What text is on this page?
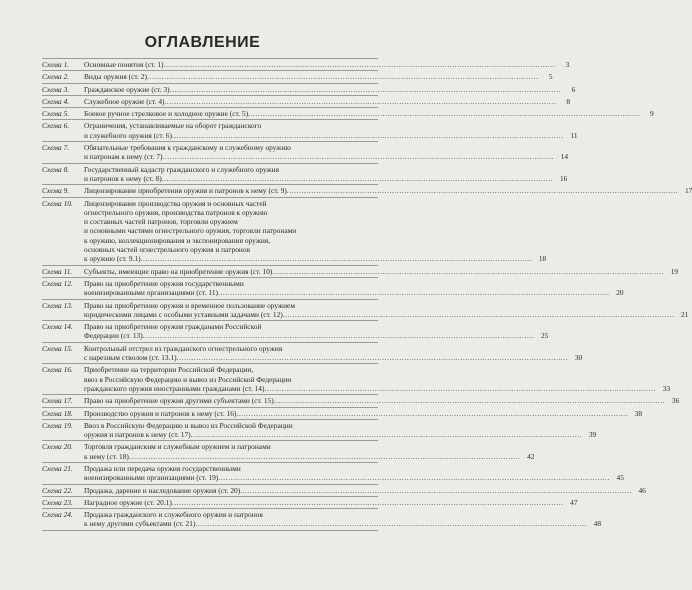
ОГЛАВЛЕНИЕ
Схема 1.	Основные понятия (ст. 1) .....	3
Схема 2.	Виды оружия (ст. 2) .....	5
Схема 3.	Гражданское оружие (ст. 3) .....	6
Схема 4.	Служебное оружие (ст. 4) .....	8
Схема 5.	Боевое ручное стрелковое и холодное оружие (ст. 5) .....	9
Схема 6.	Ограничения, устанавливаемые на оборот гражданского
и служебного оружия (ст. 6) .....	11
Схема 7.	Обязательные требования к гражданскому и служебному оружию
и патронам к нему (ст. 7) .....	14
Схема 8.	Государственный кадастр гражданского и служебного оружия
и патронов к нему (ст. 8) .....	16
Схема 9.	Лицензирование приобретения оружия и патронов к нему (ст. 9) .....	17
Схема 10.	Лицензирование производства оружия и основных частей
огнестрельного оружия, производства патронов к оружию
и составных частей патронов, торговли оружием
и основными частями огнестрельного оружия, торговли патронами
к оружию, коллекционирования и экспонирования оружия,
основных частей огнестрельного оружия и патронов
к оружию (ст. 9.1) .....	18
Схема 11.	Субъекты, имеющие право на приобретение оружия (ст. 10) .....	19
Схема 12.	Право на приобретение оружия государственными
военизированными организациями (ст. 11) .....	20
Схема 13.	Право на приобретение оружия и временное пользование оружием
юридическими лицами с особыми уставными задачами (ст. 12) .....	21
Схема 14.	Право на приобретение оружия гражданами Российской
Федерации (ст. 13) .....	25
Схема 15.	Контрольный отстрел из гражданского огнестрельного оружия
с нарезным стволом (ст. 13.1) .....	30
Схема 16.	Приобретение на территории Российской Федерации,
ввоз в Российскую Федерацию и вывоз из Российской Федерации
гражданского оружия иностранными гражданами (ст. 14) .....	33
Схема 17.	Право на приобретение оружия другими субъектами (ст. 15) .....	36
Схема 18.	Производство оружия и патронов к нему (ст. 16) .....	38
Схема 19.	Ввоз в Российскую Федерацию и вывоз из Российской Федерации
оружия и патронов к нему (ст. 17) .....	39
Схема 20.	Торговля гражданским и служебным оружием и патронами
к нему (ст. 18) .....	42
Схема 21.	Продажа или передача оружия государственными
военизированными организациями (ст. 19) .....	45
Схема 22.	Продажа, дарение и наследование оружия (ст. 20) .....	46
Схема 23.	Наградное оружие (ст. 20.1) .....	47
Схема 24.	Продажа гражданского и служебного оружия и патронов
к нему другими субъектами (ст. 21) .....	48
